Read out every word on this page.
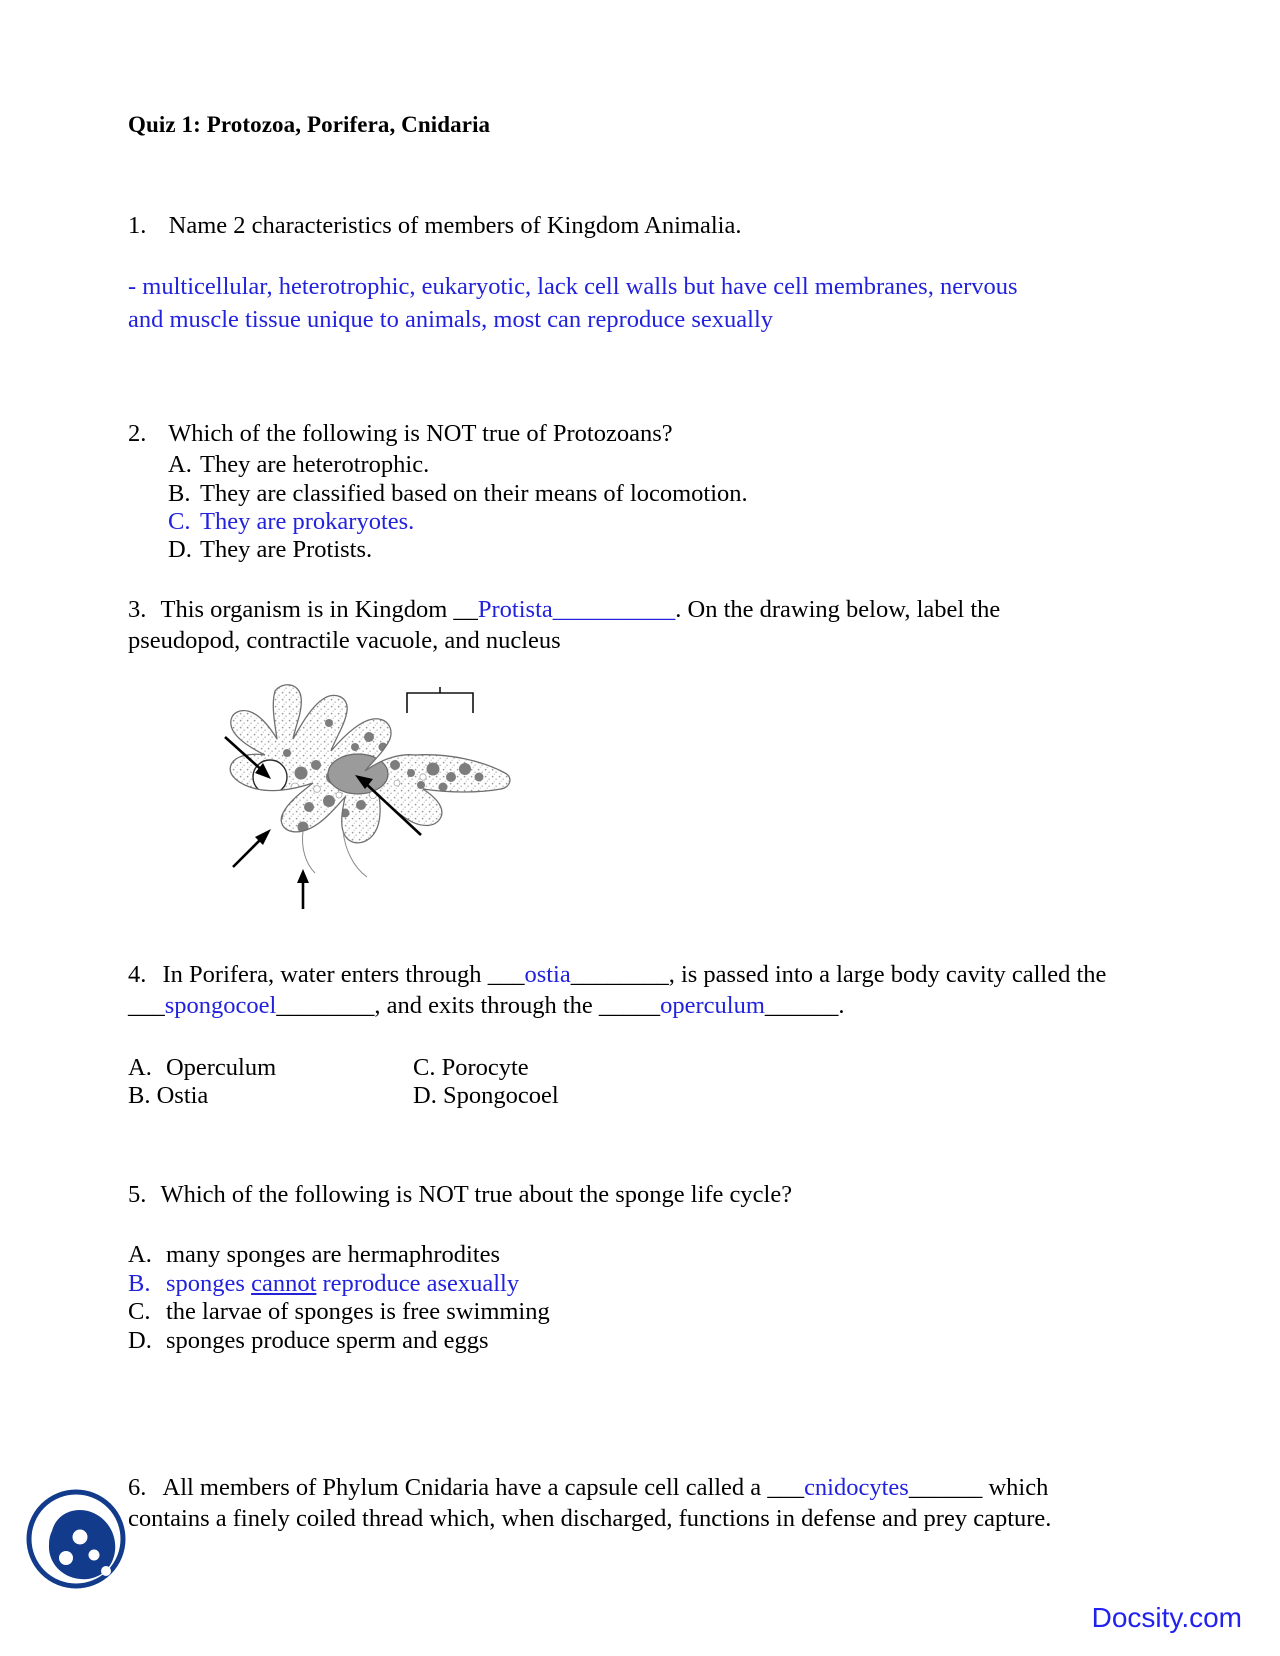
Quiz 1: Protozoa, Porifera, Cnidaria
1. Name 2 characteristics of members of Kingdom Animalia.
- multicellular, heterotrophic, eukaryotic, lack cell walls but have cell membranes, nervous and muscle tissue unique to animals, most can reproduce sexually
2. Which of the following is NOT true of Protozoans?
A. They are heterotrophic.
B. They are classified based on their means of locomotion.
C. They are prokaryotes.
D. They are Protists.
3. This organism is in Kingdom __Protista__________. On the drawing below, label the
pseudopod, contractile vacuole, and nucleus
4. In Porifera, water enters through ___ostia________, is passed into a large body cavity called the
___spongocoel________, and exits through the _____operculum______.
A. Operculum	C. Porocyte
B. Ostia	D. Spongocoel
5. Which of the following is NOT true about the sponge life cycle?
A. many sponges are hermaphrodites
B. sponges cannot reproduce asexually
C. the larvae of sponges is free swimming
D. sponges produce sperm and eggs
6. All members of Phylum Cnidaria have a capsule cell called a ___cnidocytes______ which
contains a finely coiled thread which, when discharged, functions in defense and prey capture.
Docsity.com
